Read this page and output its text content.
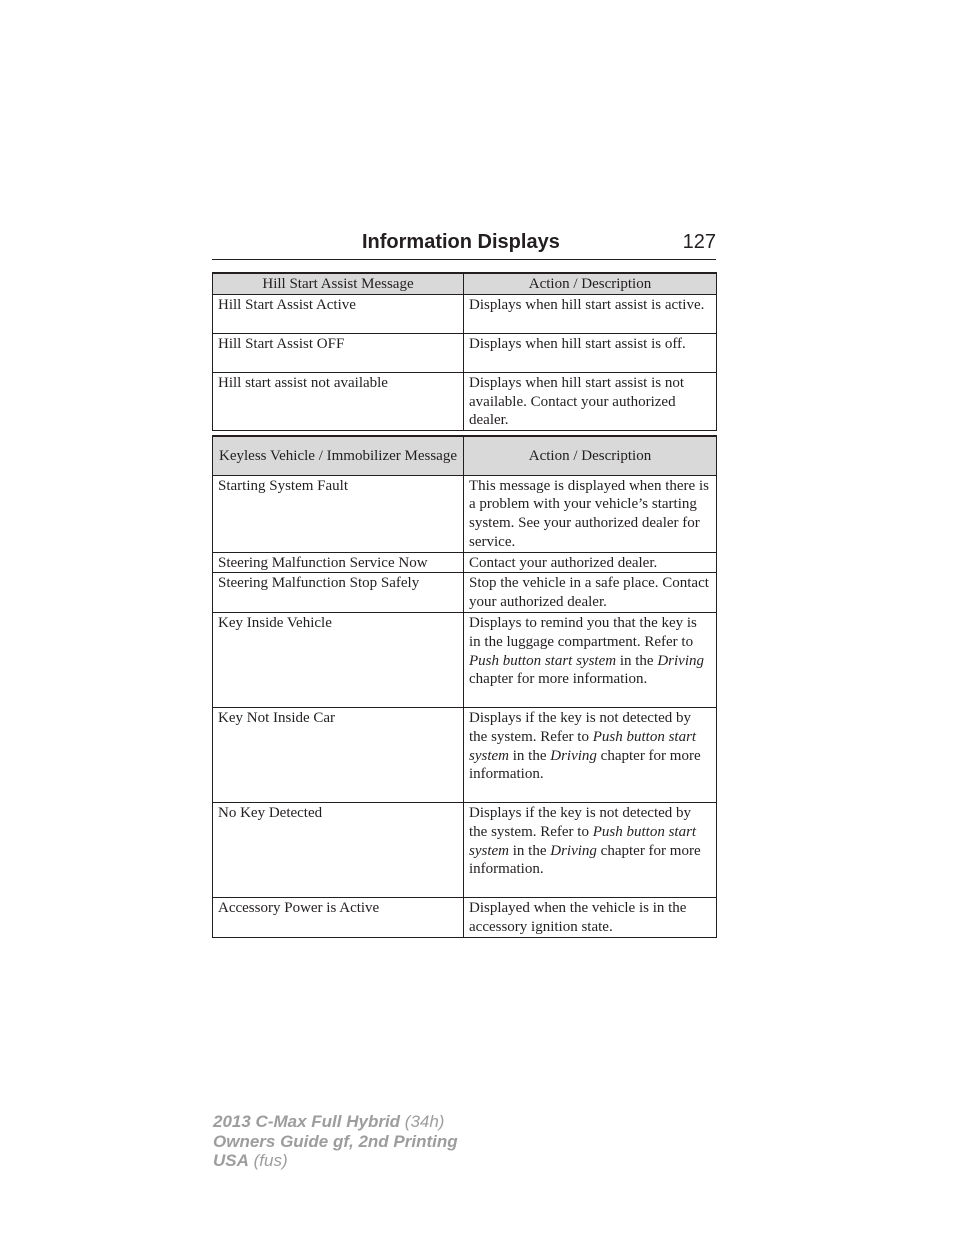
Information Displays	127
Hill Start Assist Message	Action / Description
Hill Start Assist Active	Displays when hill start assist is active.
Hill Start Assist OFF	Displays when hill start assist is off.
Hill start assist not available	Displays when hill start assist is not available. Contact your authorized dealer.
Keyless Vehicle / Immobilizer Message	Action / Description
Starting System Fault	This message is displayed when there is a problem with your vehicle’s starting system. See your authorized dealer for service.
Steering Malfunction Service Now	Contact your authorized dealer.
Steering Malfunction Stop Safely	Stop the vehicle in a safe place. Contact your authorized dealer.
Key Inside Vehicle	Displays to remind you that the key is in the luggage compartment. Refer to Push button start system in the Driving chapter for more information.
Key Not Inside Car	Displays if the key is not detected by the system. Refer to Push button start system in the Driving chapter for more information.
No Key Detected	Displays if the key is not detected by the system. Refer to Push button start system in the Driving chapter for more information.
Accessory Power is Active	Displayed when the vehicle is in the accessory ignition state.
2013 C-Max Full Hybrid (34h)
Owners Guide gf, 2nd Printing
USA (fus)
